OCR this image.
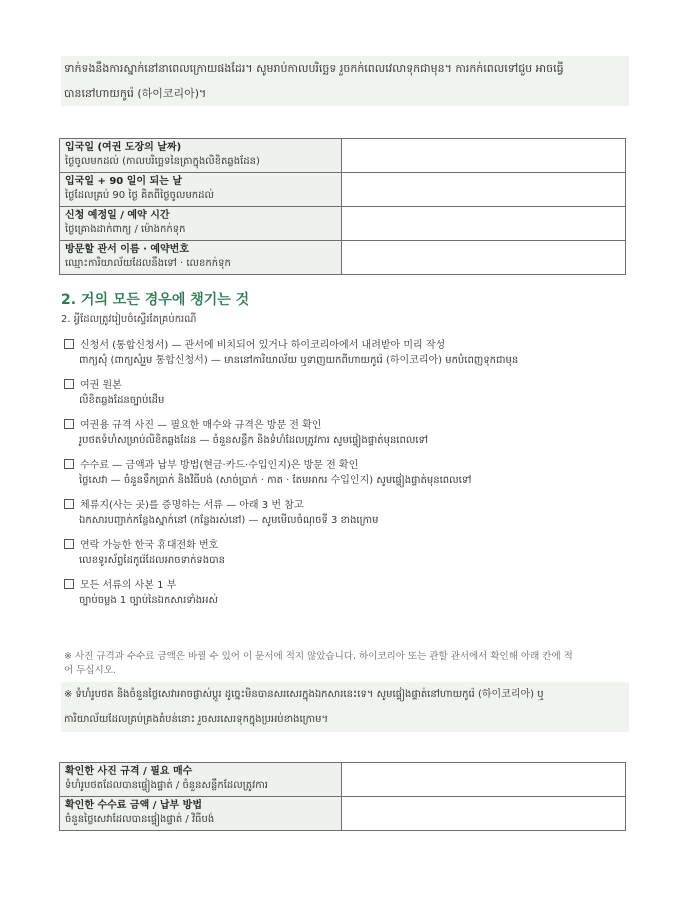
ទាក់ទងនឹងការស្នាក់នៅនាពេលក្រោយផងដែរ។ សូមរាប់កាលបរិច្ឆេទ រួចកក់ពេលវេលាទុកជាមុន។ ការកក់ពេលទៅជួប អាចធ្វើ
បាននៅហាយកូរ៉េ (하이코리아)។
입국일 (여권 도장의 날짜)
ថ្ងៃចូលមកដល់ (កាលបរិច្ឆេទនៃត្រាក្នុងលិខិតឆ្លងដែន)	

입국일 + 90 일이 되는 날
ថ្ងៃដែលគ្រប់ 90 ថ្ងៃ គិតពីថ្ងៃចូលមកដល់	

신청 예정일 / 예약 시간
ថ្ងៃគ្រោងដាក់ពាក្យ / ម៉ោងកក់ទុក	

방문할 관서 이름 · 예약번호
ឈ្មោះការិយាល័យដែលនឹងទៅ · លេខកក់ទុក	

2. 거의 모든 경우에 챙기는 것
2. អ្វីដែលត្រូវរៀបចំស្ទើរតែគ្រប់ករណី
신청서 (통합신청서) — 관서에 비치되어 있거나 하이코리아에서 내려받아 미리 작성
ពាក្យសុំ (ពាក្យសុំរួម 통합신청서) — មាននៅការិយាល័យ ឬទាញយកពីហាយកូរ៉េ (하이코리아) មកបំពេញទុកជាមុន
여권 원본
លិខិតឆ្លងដែនច្បាប់ដើម
여권용 규격 사진 — 필요한 매수와 규격은 방문 전 확인
រូបថតទំហំសម្រាប់លិខិតឆ្លងដែន — ចំនួនសន្លឹក និងទំហំដែលត្រូវការ សូមផ្ទៀងផ្ទាត់មុនពេលទៅ
수수료 — 금액과 납부 방법(현금·카드·수입인지)은 방문 전 확인
ថ្លៃសេវា — ចំនួនទឹកប្រាក់ និងវិធីបង់ (សាច់ប្រាក់ · កាត · តែមអាករ 수입인지) សូមផ្ទៀងផ្ទាត់មុនពេលទៅ
체류지(사는 곳)를 증명하는 서류 — 아래 3 번 참고
ឯកសារបញ្ជាក់កន្លែងស្នាក់នៅ (កន្លែងរស់នៅ) — សូមមើលចំណុចទី 3 ខាងក្រោម
연락 가능한 한국 휴대전화 번호
លេខទូរស័ព្ទដៃកូរ៉េដែលអាចទាក់ទងបាន
모든 서류의 사본 1 부
ច្បាប់ចម្លង 1 ច្បាប់នៃឯកសារទាំងអស់
※ 사진 규격과 수수료 금액은 바뀔 수 있어 이 문서에 적지 않았습니다. 하이코리아 또는 관할 관서에서 확인해 아래 칸에 적
어 두십시오.
※ ទំហំរូបថត និងចំនួនថ្លៃសេវាអាចផ្លាស់ប្តូរ ដូច្នេះមិនបានសរសេរក្នុងឯកសារនេះទេ។ សូមផ្ទៀងផ្ទាត់នៅហាយកូរ៉េ (하이코리아) ឬ
ការិយាល័យដែលគ្រប់គ្រងតំបន់នោះ រួចសរសេរទុកក្នុងប្រអប់ខាងក្រោម។
확인한 사진 규격 / 필요 매수
ទំហំរូបថតដែលបានផ្ទៀងផ្ទាត់ / ចំនួនសន្លឹកដែលត្រូវការ	

확인한 수수료 금액 / 납부 방법
ចំនួនថ្លៃសេវាដែលបានផ្ទៀងផ្ទាត់ / វិធីបង់	
